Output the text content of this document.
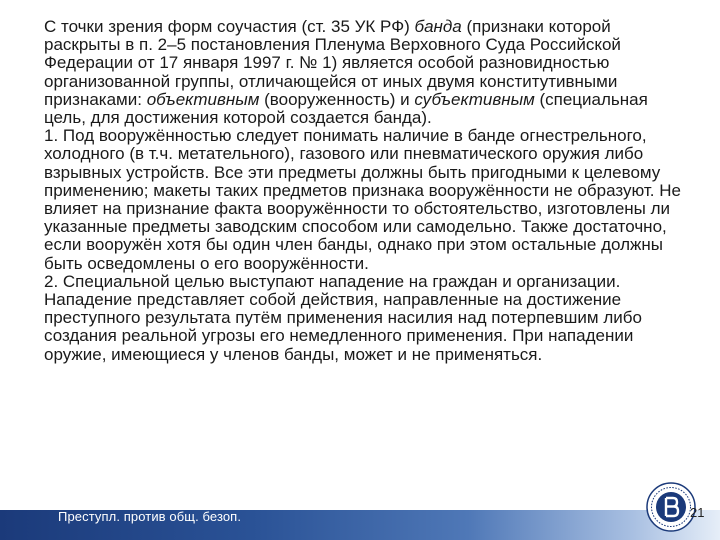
С точки зрения форм соучастия (ст. 35 УК РФ) банда (признаки которой раскрыты в п. 2–5 постановления Пленума Верховного Суда Российской Федерации от 17 января 1997 г. № 1) является особой разновидностью организованной группы, отличающейся от иных двумя конститутивными признаками: объективным (вооруженность) и субъективным (специальная цель, для достижения которой создается банда).

1. Под вооружённостью следует понимать наличие в банде огнестрельного, холодного (в т.ч. метательного), газового или пневматического оружия либо взрывных устройств. Все эти предметы должны быть пригодными к целевому применению; макеты таких предметов признака вооружённости не образуют. Не влияет на признание факта вооружённости то обстоятельство, изготовлены ли указанные предметы заводским способом или самодельно. Также достаточно, если вооружён хотя бы один член банды, однако при этом остальные должны быть осведомлены о его вооружённости.

2. Специальной целью выступают нападение на граждан и организации. Нападение представляет собой действия, направленные на достижение преступного результата путём применения насилия над потерпевшим либо создания реальной угрозы его немедленного применения. При нападении оружие, имеющиеся у членов банды, может и не применяться.

Преступл. против общ. безоп.	21
